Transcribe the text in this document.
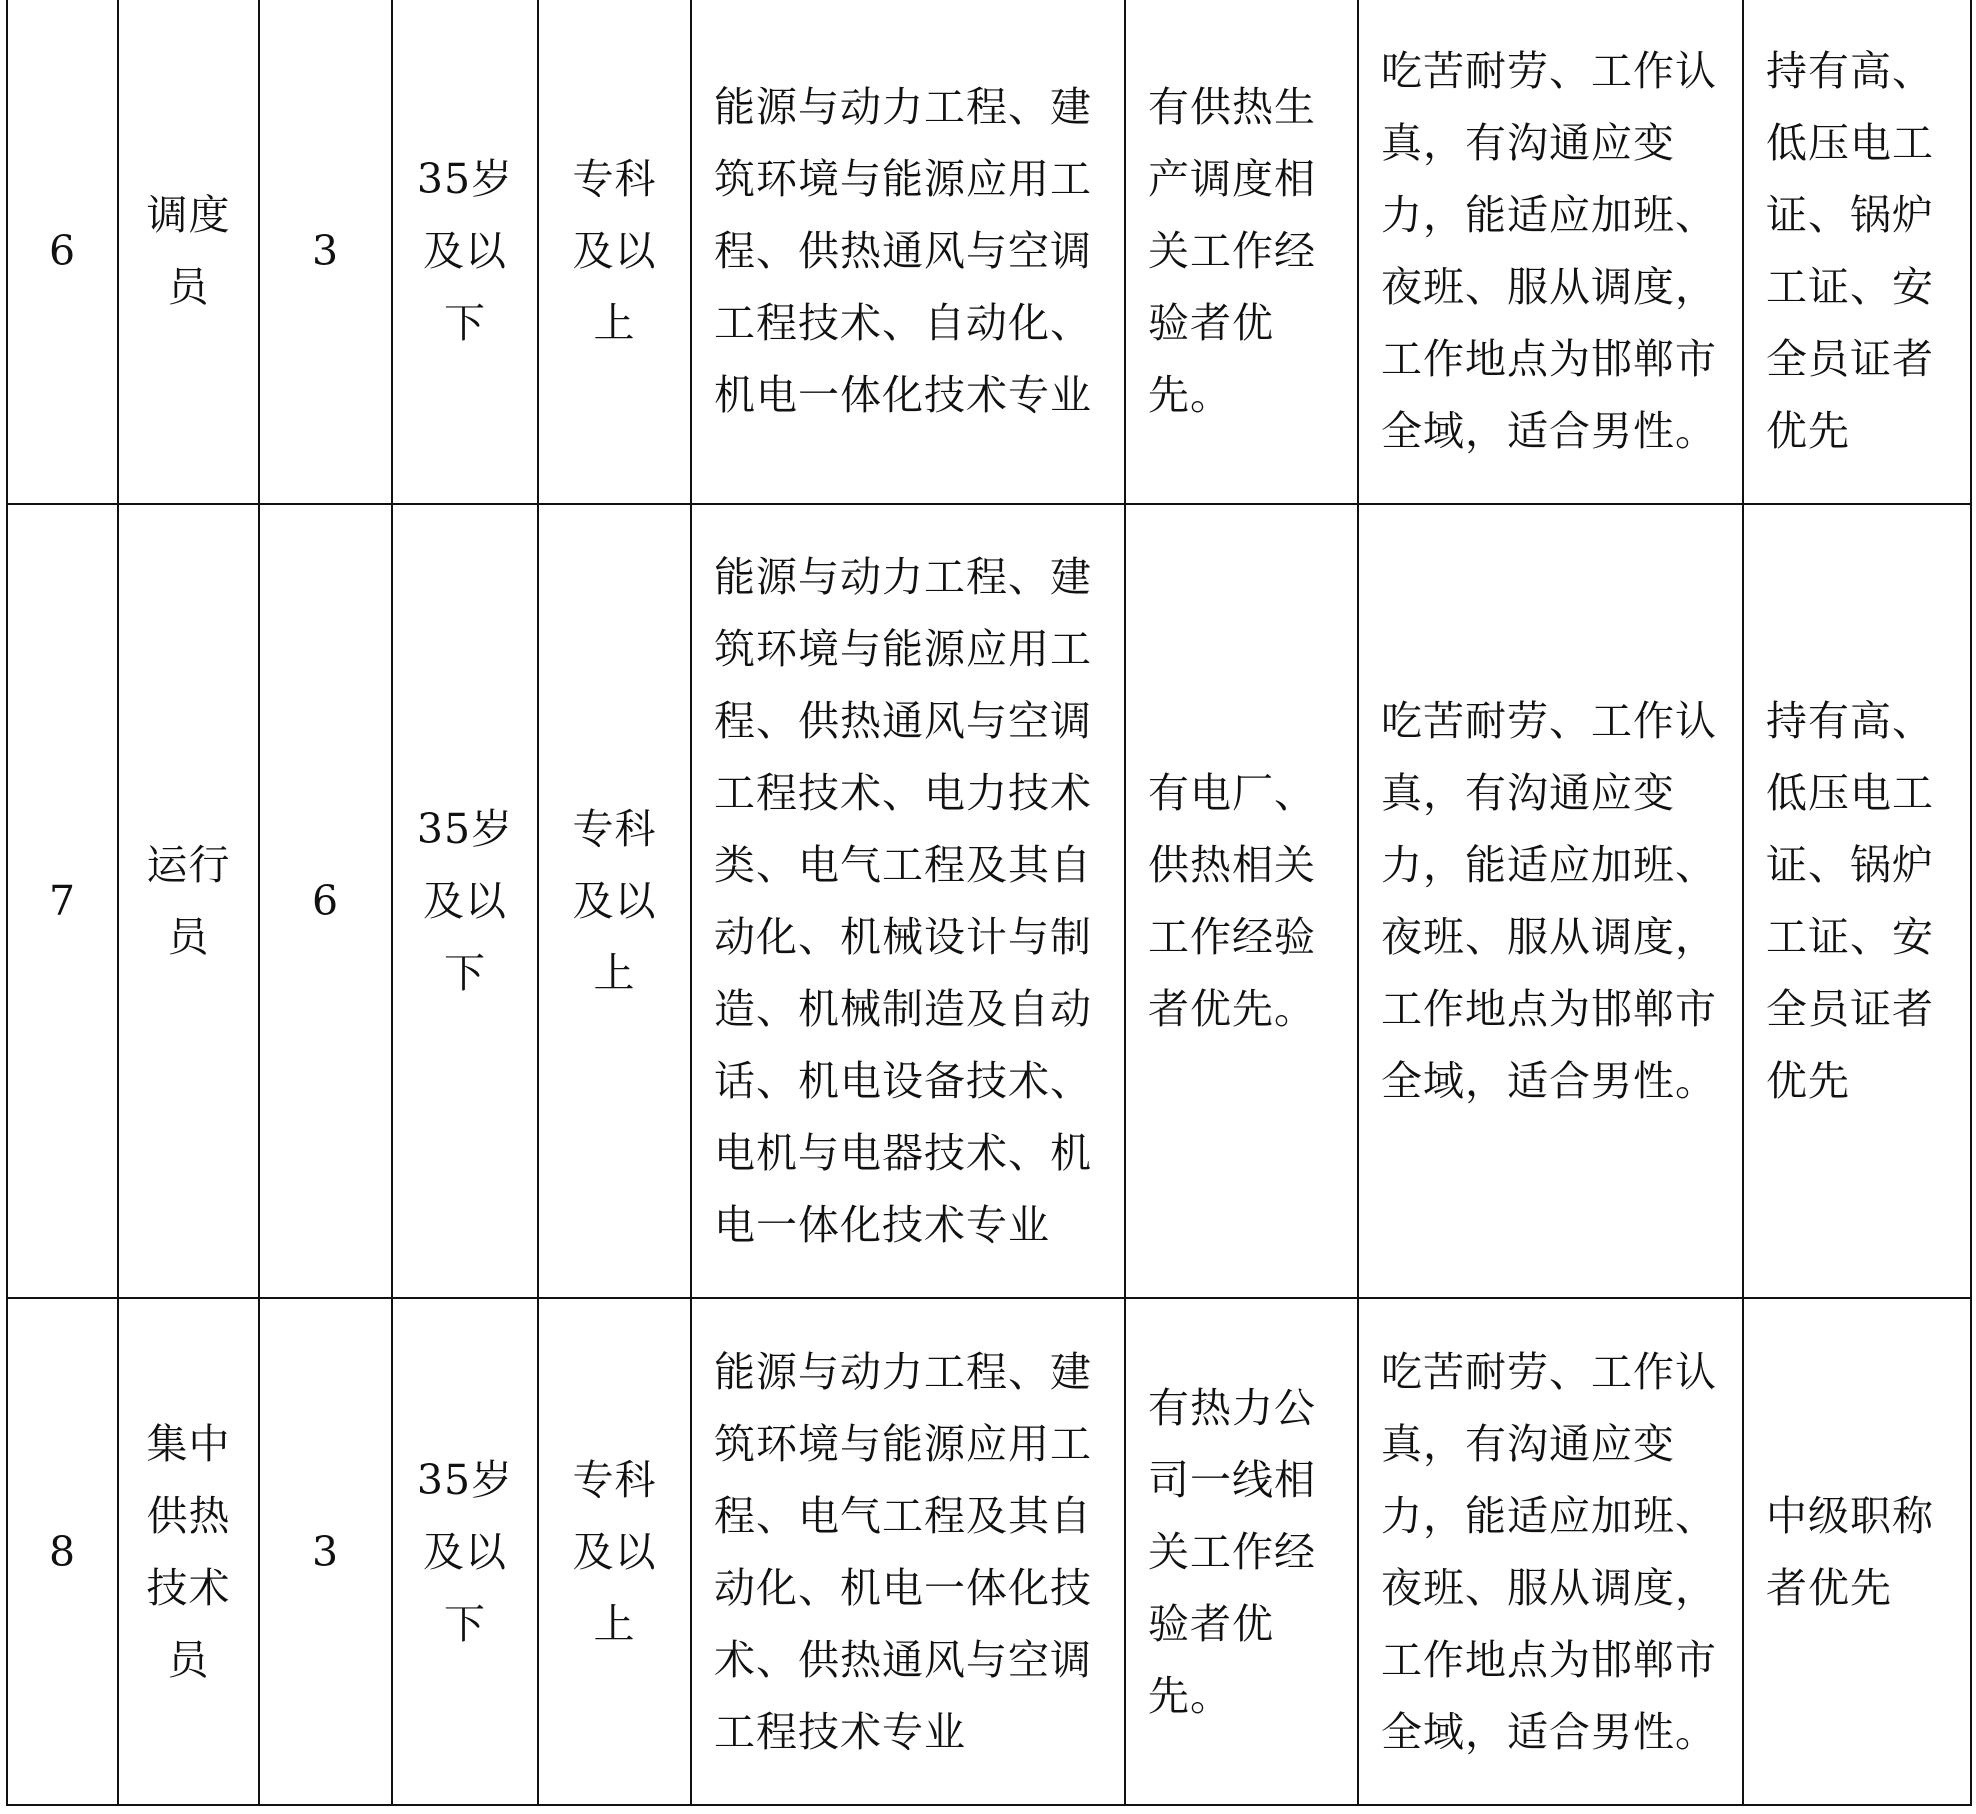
6	调度员	3	35岁及以下	专科及以上	能源与动力工程、建筑环境与能源应用工程、供热通风与空调工程技术、自动化、机电一体化技术专业	有供热生产调度相关工作经验者优先。	吃苦耐劳、工作认真，有沟通应变力，能适应加班、夜班、服从调度，工作地点为邯郸市全域，适合男性。	持有高、低压电工证、锅炉工证、安全员证者优先

7	运行员	6	35岁及以下	专科及以上	能源与动力工程、建筑环境与能源应用工程、供热通风与空调工程技术、电力技术类、电气工程及其自动化、机械设计与制造、机械制造及自动话、机电设备技术、电机与电器技术、机电一体化技术专业	有电厂、供热相关工作经验者优先。	吃苦耐劳、工作认真，有沟通应变力，能适应加班、夜班、服从调度，工作地点为邯郸市全域，适合男性。	持有高、低压电工证、锅炉工证、安全员证者优先

8	集中供热技术员	3	35岁及以下	专科及以上	能源与动力工程、建筑环境与能源应用工程、电气工程及其自动化、机电一体化技术、供热通风与空调工程技术专业	有热力公司一线相关工作经验者优先。	吃苦耐劳、工作认真，有沟通应变力，能适应加班、夜班、服从调度，工作地点为邯郸市全域，适合男性。	中级职称者优先
